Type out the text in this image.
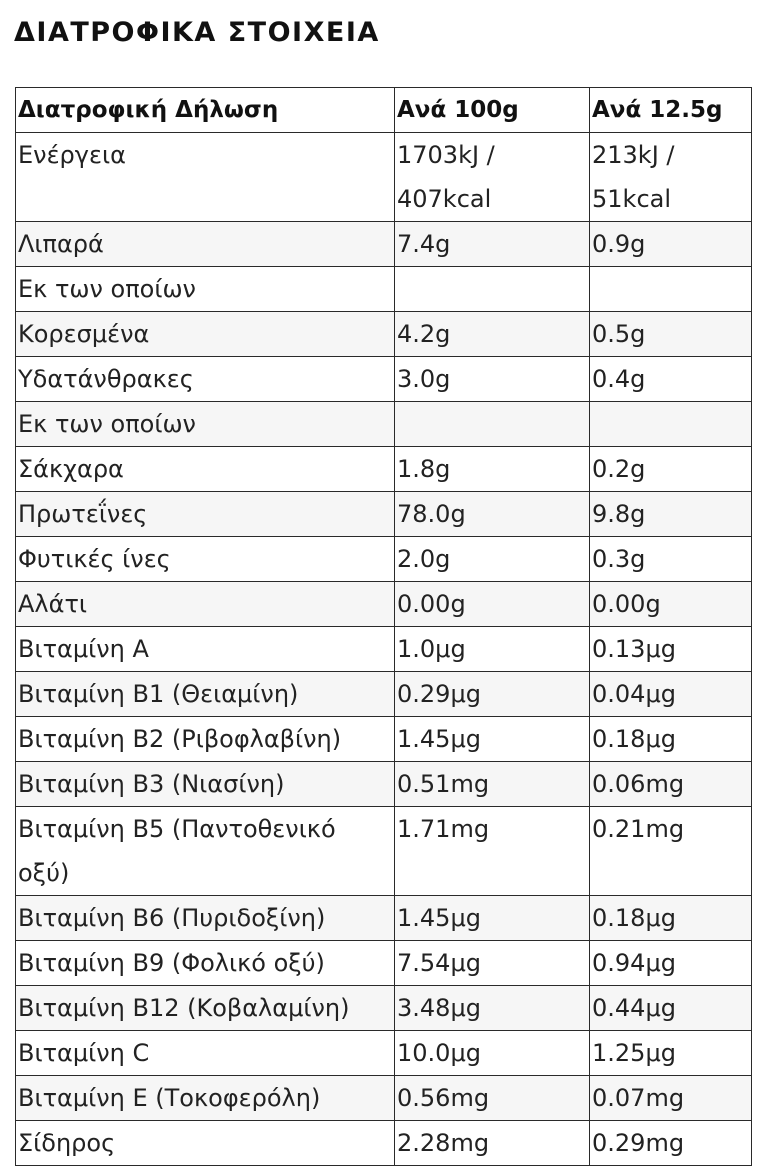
ΔΙΑΤΡΟΦΙΚΑ ΣΤΟΙΧΕΙΑ
Διατροφική Δήλωση	Ανά 100g	Ανά 12.5g
Ενέργεια	1703kJ / 407kcal	213kJ / 51kcal
Λιπαρά	7.4g	0.9g
Εκ των οποίων		
Κορεσμένα	4.2g	0.5g
Υδατάνθρακες	3.0g	0.4g
Εκ των οποίων		
Σάκχαρα	1.8g	0.2g
Πρωτεΐνες	78.0g	9.8g
Φυτικές ίνες	2.0g	0.3g
Αλάτι	0.00g	0.00g
Βιταμίνη A	1.0μg	0.13μg
Βιταμίνη B1 (Θειαμίνη)	0.29μg	0.04μg
Βιταμίνη B2 (Ριβοφλαβίνη)	1.45μg	0.18μg
Βιταμίνη B3 (Νιασίνη)	0.51mg	0.06mg
Βιταμίνη B5 (Παντοθενικό οξύ)	1.71mg	0.21mg
Βιταμίνη B6 (Πυριδοξίνη)	1.45μg	0.18μg
Βιταμίνη B9 (Φολικό οξύ)	7.54μg	0.94μg
Βιταμίνη B12 (Κοβαλαμίνη)	3.48μg	0.44μg
Βιταμίνη C	10.0μg	1.25μg
Βιταμίνη E (Τοκοφερόλη)	0.56mg	0.07mg
Σίδηρος	2.28mg	0.29mg
